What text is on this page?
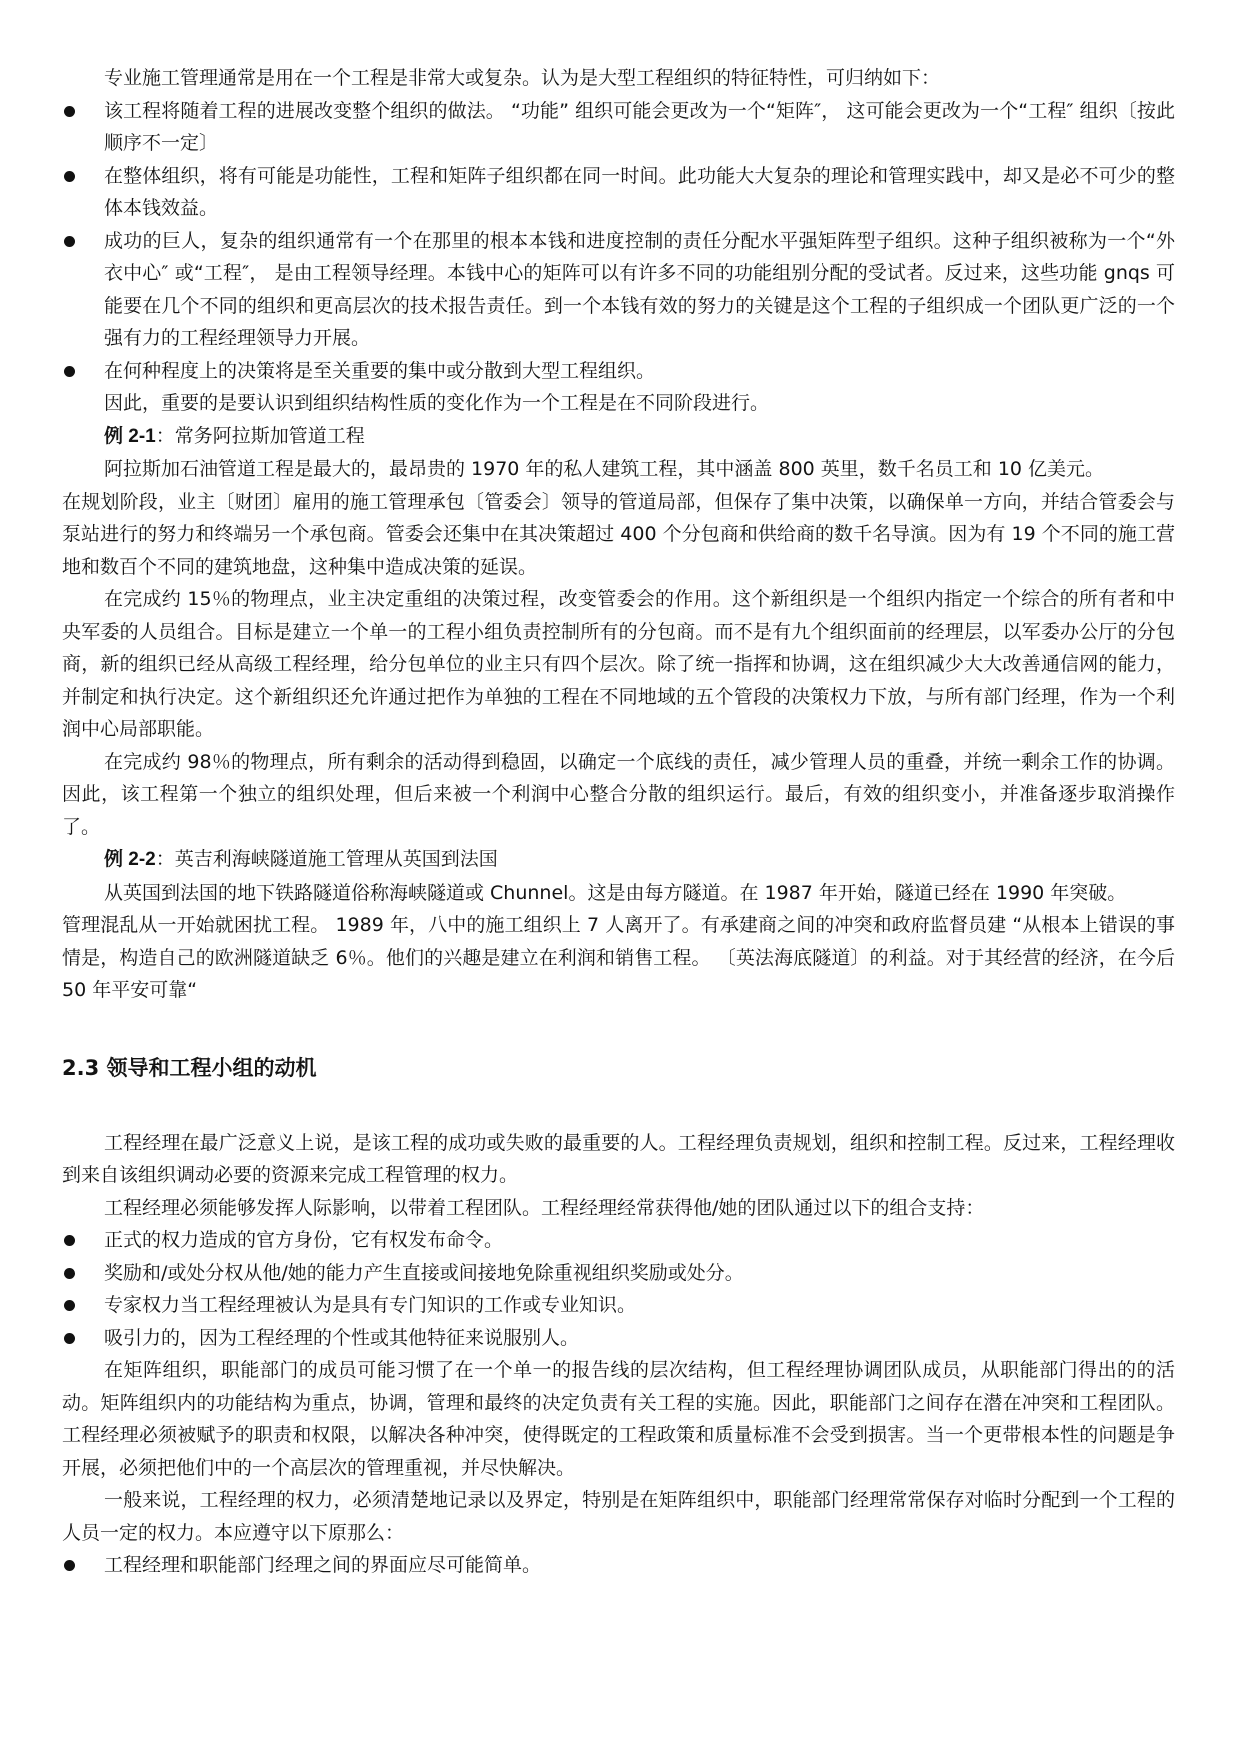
专业施工管理通常是用在一个工程是非常大或复杂。认为是大型工程组织的特征特性，可归纳如下：

该工程将随着工程的进展改变整个组织的做法。 “功能” 组织可能会更改为一个“矩阵″， 这可能会更改为一个“工程″ 组织〔按此顺序不一定〕

在整体组织，将有可能是功能性，工程和矩阵子组织都在同一时间。此功能大大复杂的理论和管理实践中，却又是必不可少的整体本钱效益。

成功的巨人，复杂的组织通常有一个在那里的根本本钱和进度控制的责任分配水平强矩阵型子组织。这种子组织被称为一个“外衣中心″ 或“工程″， 是由工程领导经理。本钱中心的矩阵可以有许多不同的功能组别分配的受试者。反过来，这些功能 gnqs 可能要在几个不同的组织和更高层次的技术报告责任。到一个本钱有效的努力的关键是这个工程的子组织成一个团队更广泛的一个强有力的工程经理领导力开展。

在何种程度上的决策将是至关重要的集中或分散到大型工程组织。

因此，重要的是要认识到组织结构性质的变化作为一个工程是在不同阶段进行。

例 2-1：常务阿拉斯加管道工程

阿拉斯加石油管道工程是最大的，最昂贵的 1970 年的私人建筑工程，其中涵盖 800 英里，数千名员工和 10 亿美元。

在规划阶段，业主〔财团〕雇用的施工管理承包〔管委会〕领导的管道局部，但保存了集中决策，以确保单一方向，并结合管委会与泵站进行的努力和终端另一个承包商。管委会还集中在其决策超过 400 个分包商和供给商的数千名导演。因为有 19 个不同的施工营地和数百个不同的建筑地盘，这种集中造成决策的延误。

在完成约 15％的物理点，业主决定重组的决策过程，改变管委会的作用。这个新组织是一个组织内指定一个综合的所有者和中央军委的人员组合。目标是建立一个单一的工程小组负责控制所有的分包商。而不是有九个组织面前的经理层，以军委办公厅的分包商，新的组织已经从高级工程经理，给分包单位的业主只有四个层次。除了统一指挥和协调，这在组织减少大大改善通信网的能力，并制定和执行决定。这个新组织还允许通过把作为单独的工程在不同地域的五个管段的决策权力下放，与所有部门经理，作为一个利润中心局部职能。

在完成约 98％的物理点，所有剩余的活动得到稳固，以确定一个底线的责任，减少管理人员的重叠，并统一剩余工作的协调。因此，该工程第一个独立的组织处理，但后来被一个利润中心整合分散的组织运行。最后，有效的组织变小，并准备逐步取消操作了。

例 2-2：英吉利海峡隧道施工管理从英国到法国

从英国到法国的地下铁路隧道俗称海峡隧道或 Chunnel。这是由每方隧道。在 1987 年开始，隧道已经在 1990 年突破。

管理混乱从一开始就困扰工程。 1989 年，八中的施工组织上 7 人离开了。有承建商之间的冲突和政府监督员建 “从根本上错误的事情是，构造自己的欧洲隧道缺乏 6％。他们的兴趣是建立在利润和销售工程。 〔英法海底隧道〕的利益。对于其经营的经济，在今后 50 年平安可靠“

2.3 领导和工程小组的动机

工程经理在最广泛意义上说，是该工程的成功或失败的最重要的人。工程经理负责规划，组织和控制工程。反过来，工程经理收到来自该组织调动必要的资源来完成工程管理的权力。

工程经理必须能够发挥人际影响，以带着工程团队。工程经理经常获得他/她的团队通过以下的组合支持：

正式的权力造成的官方身份，它有权发布命令。

奖励和/或处分权从他/她的能力产生直接或间接地免除重视组织奖励或处分。

专家权力当工程经理被认为是具有专门知识的工作或专业知识。

吸引力的，因为工程经理的个性或其他特征来说服别人。

在矩阵组织，职能部门的成员可能习惯了在一个单一的报告线的层次结构，但工程经理协调团队成员，从职能部门得出的的活动。矩阵组织内的功能结构为重点，协调，管理和最终的决定负责有关工程的实施。因此，职能部门之间存在潜在冲突和工程团队。工程经理必须被赋予的职责和权限，以解决各种冲突，使得既定的工程政策和质量标准不会受到损害。当一个更带根本性的问题是争开展，必须把他们中的一个高层次的管理重视，并尽快解决。

一般来说，工程经理的权力，必须清楚地记录以及界定，特别是在矩阵组织中，职能部门经理常常保存对临时分配到一个工程的人员一定的权力。本应遵守以下原那么：

工程经理和职能部门经理之间的界面应尽可能简单。
